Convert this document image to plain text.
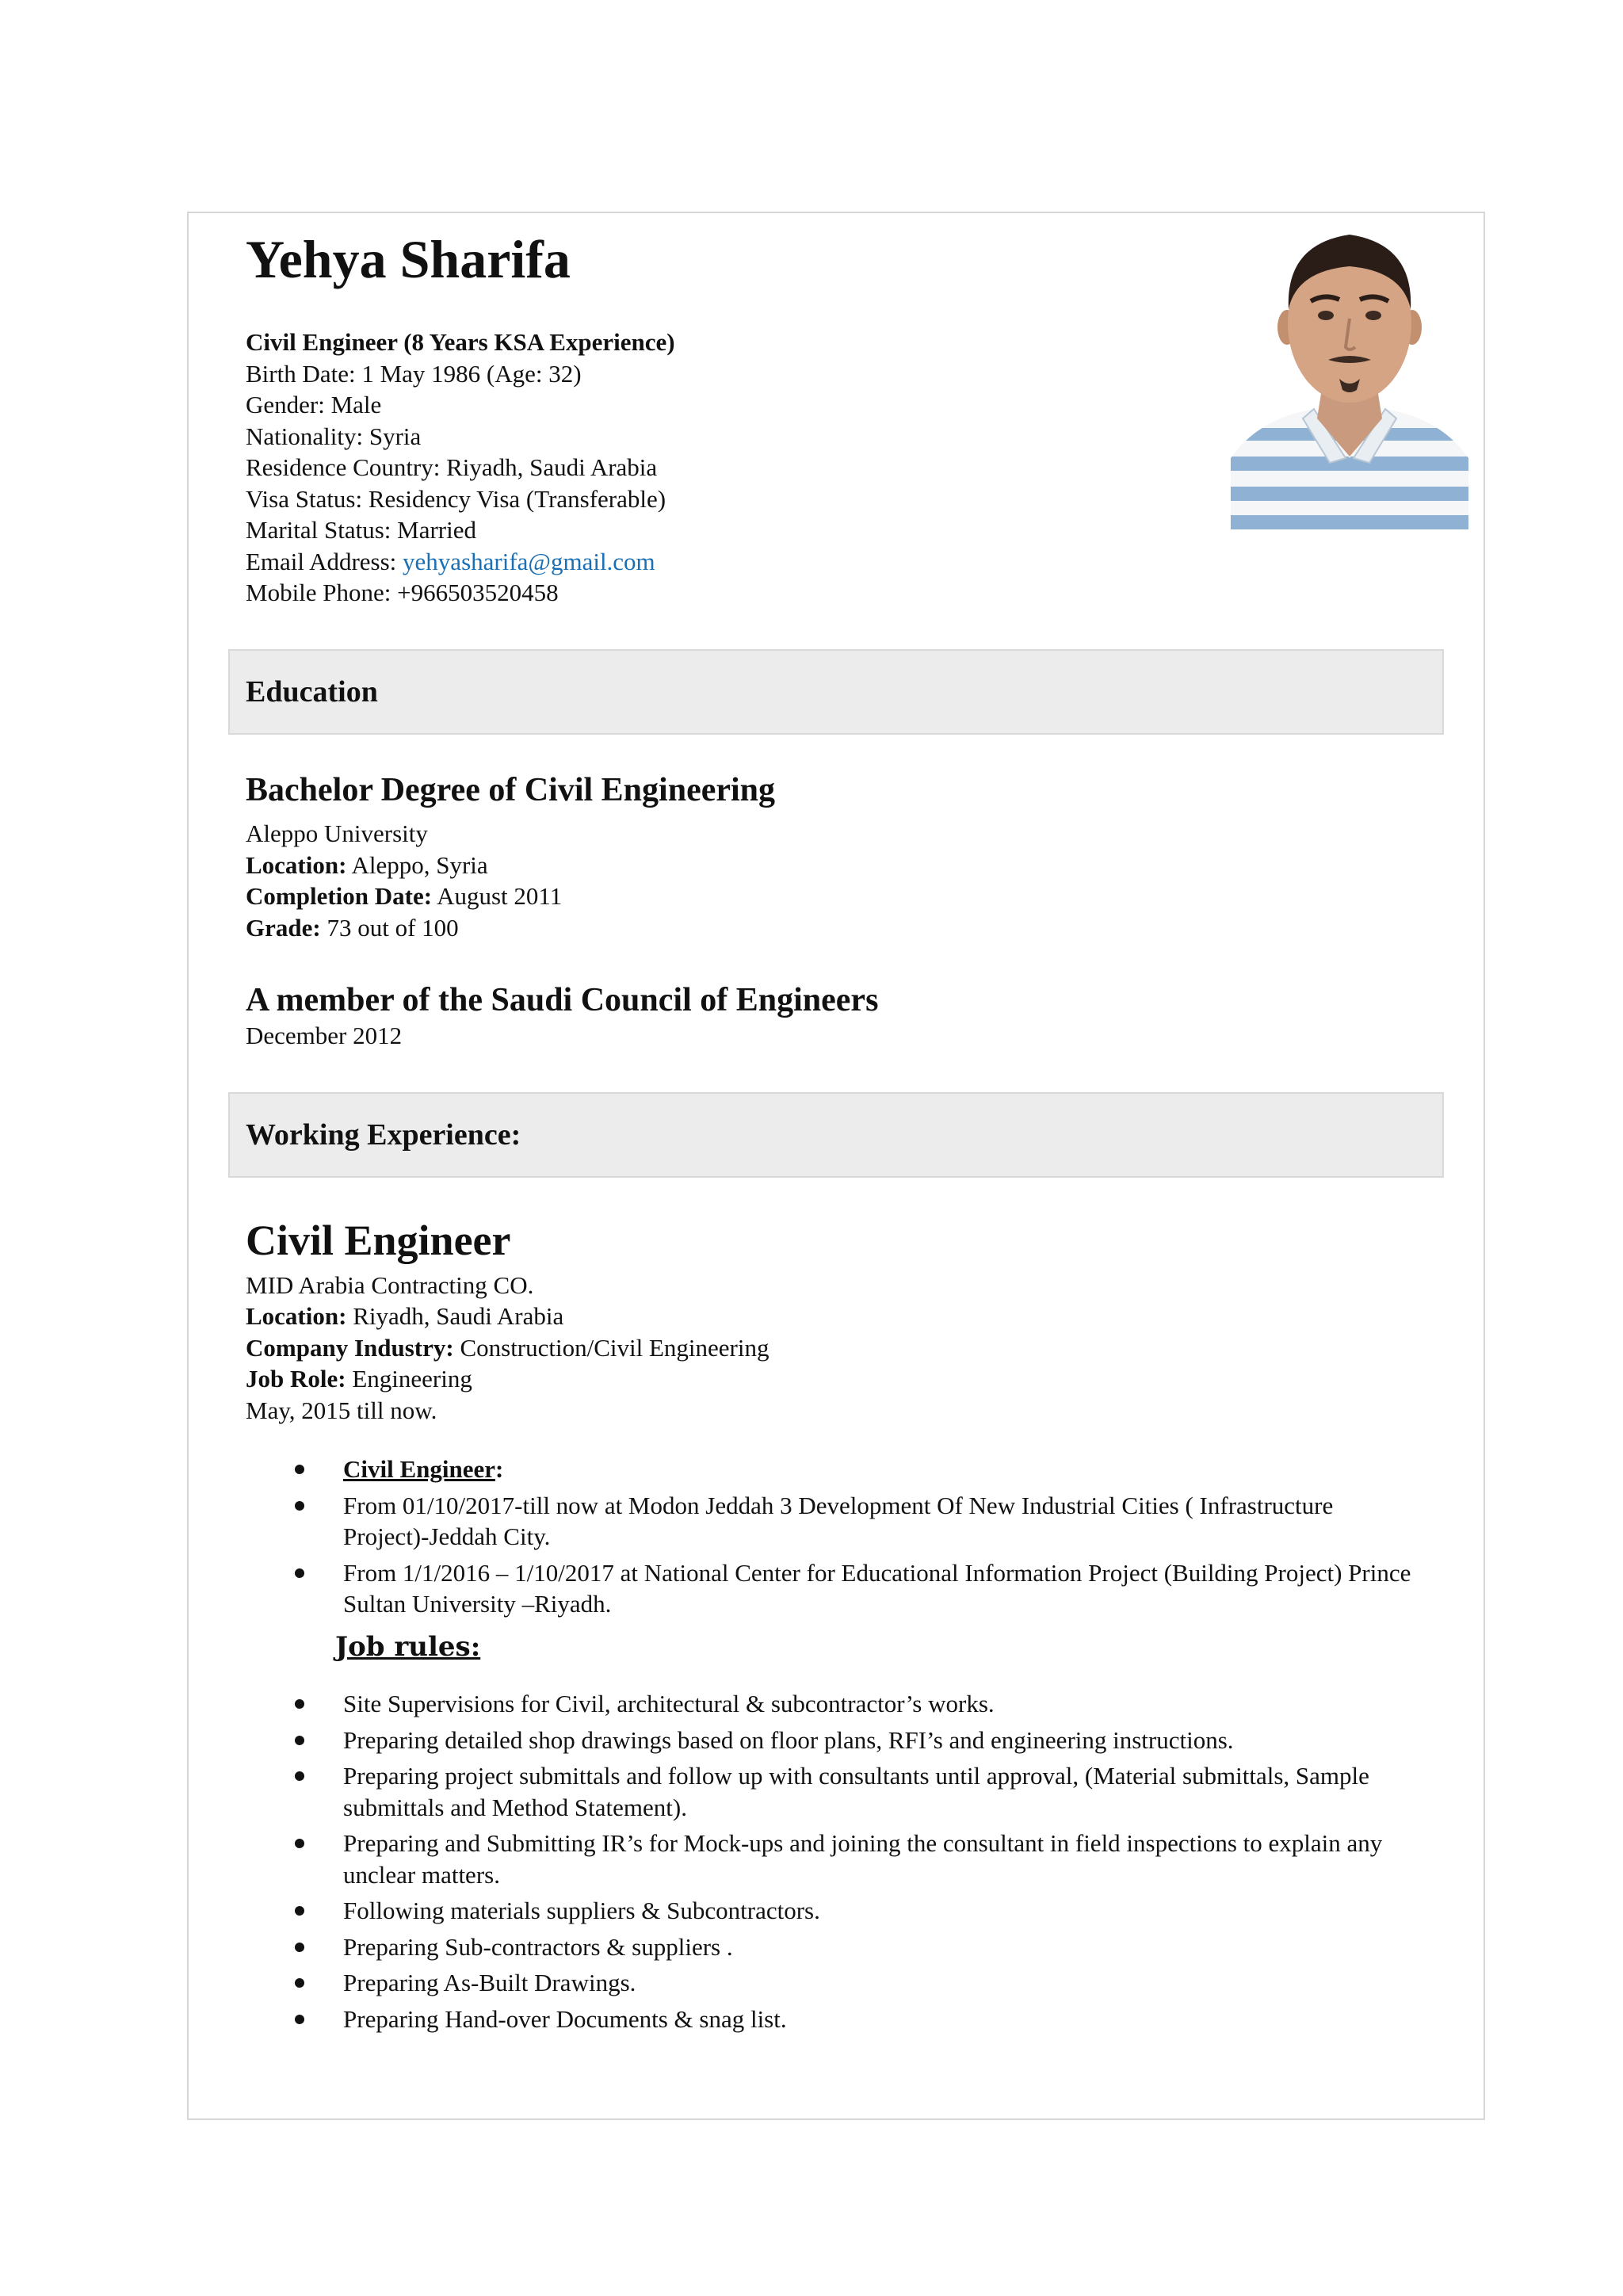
Yehya Sharifa
Civil Engineer (8 Years KSA Experience)
Birth Date: 1 May 1986 (Age: 32)
Gender: Male
Nationality: Syria
Residence Country: Riyadh, Saudi Arabia
Visa Status: Residency Visa (Transferable)
Marital Status: Married
Email Address: yehyasharifa@gmail.com
Mobile Phone: +966503520458
Education
Bachelor Degree of Civil Engineering
Aleppo University
Location: Aleppo, Syria
Completion Date: August 2011
Grade: 73 out of 100
A member of the Saudi Council of Engineers
December 2012
Working Experience:
Civil Engineer
MID Arabia Contracting CO.
Location: Riyadh, Saudi Arabia
Company Industry: Construction/Civil Engineering
Job Role: Engineering
May, 2015 till now.
Civil Engineer:
From 01/10/2017-till now at Modon Jeddah 3 Development Of New Industrial Cities ( Infrastructure Project)-Jeddah City.
From 1/1/2016 – 1/10/2017 at National Center for Educational Information Project (Building Project) Prince Sultan University –Riyadh.
Job rules:
Site Supervisions for Civil, architectural & subcontractor’s works.
Preparing detailed shop drawings based on floor plans, RFI’s and engineering instructions.
Preparing project submittals and follow up with consultants until approval, (Material submittals, Sample submittals and Method Statement).
Preparing and Submitting IR’s for Mock-ups and joining the consultant in field inspections to explain any unclear matters.
Following materials suppliers & Subcontractors.
Preparing Sub-contractors & suppliers .
Preparing As-Built Drawings.
Preparing Hand-over Documents & snag list.
